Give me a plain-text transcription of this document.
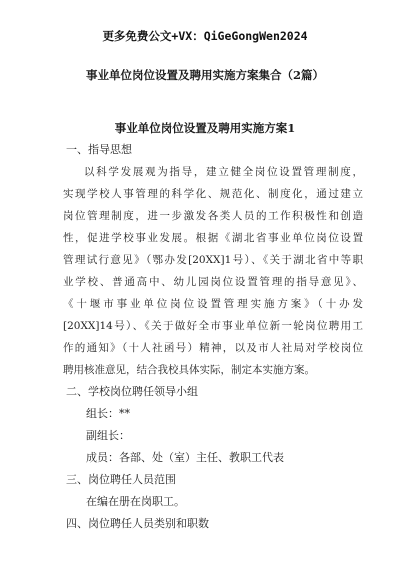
更多免费公文+VX：QiGeGongWen2024
事业单位岗位设置及聘用实施方案集合（2篇）
事业单位岗位设置及聘用实施方案1
一、指导思想
以科学发展观为指导，建立健全岗位设置管理制度，
实现学校人事管理的科学化、规范化、制度化，通过建立
岗位管理制度，进一步激发各类人员的工作积极性和创造
性，促进学校事业发展。根据《湖北省事业单位岗位设置
管理试行意见》（鄂办发[20XX]1号）、《关于湖北省中等职
业学校、普通高中、幼儿园岗位设置管理的指导意见》、
《十堰市事业单位岗位设置管理实施方案》（十办发
[20XX]14号）、《关于做好全市事业单位新一轮岗位聘用工
作的通知》（十人社函号）精神，以及市人社局对学校岗位
聘用核准意见，结合我校具体实际，制定本实施方案。
二、学校岗位聘任领导小组
组长：**
副组长：
成员：各部、处（室）主任、教职工代表
三、岗位聘任人员范围
在编在册在岗职工。
四、岗位聘任人员类别和职数
